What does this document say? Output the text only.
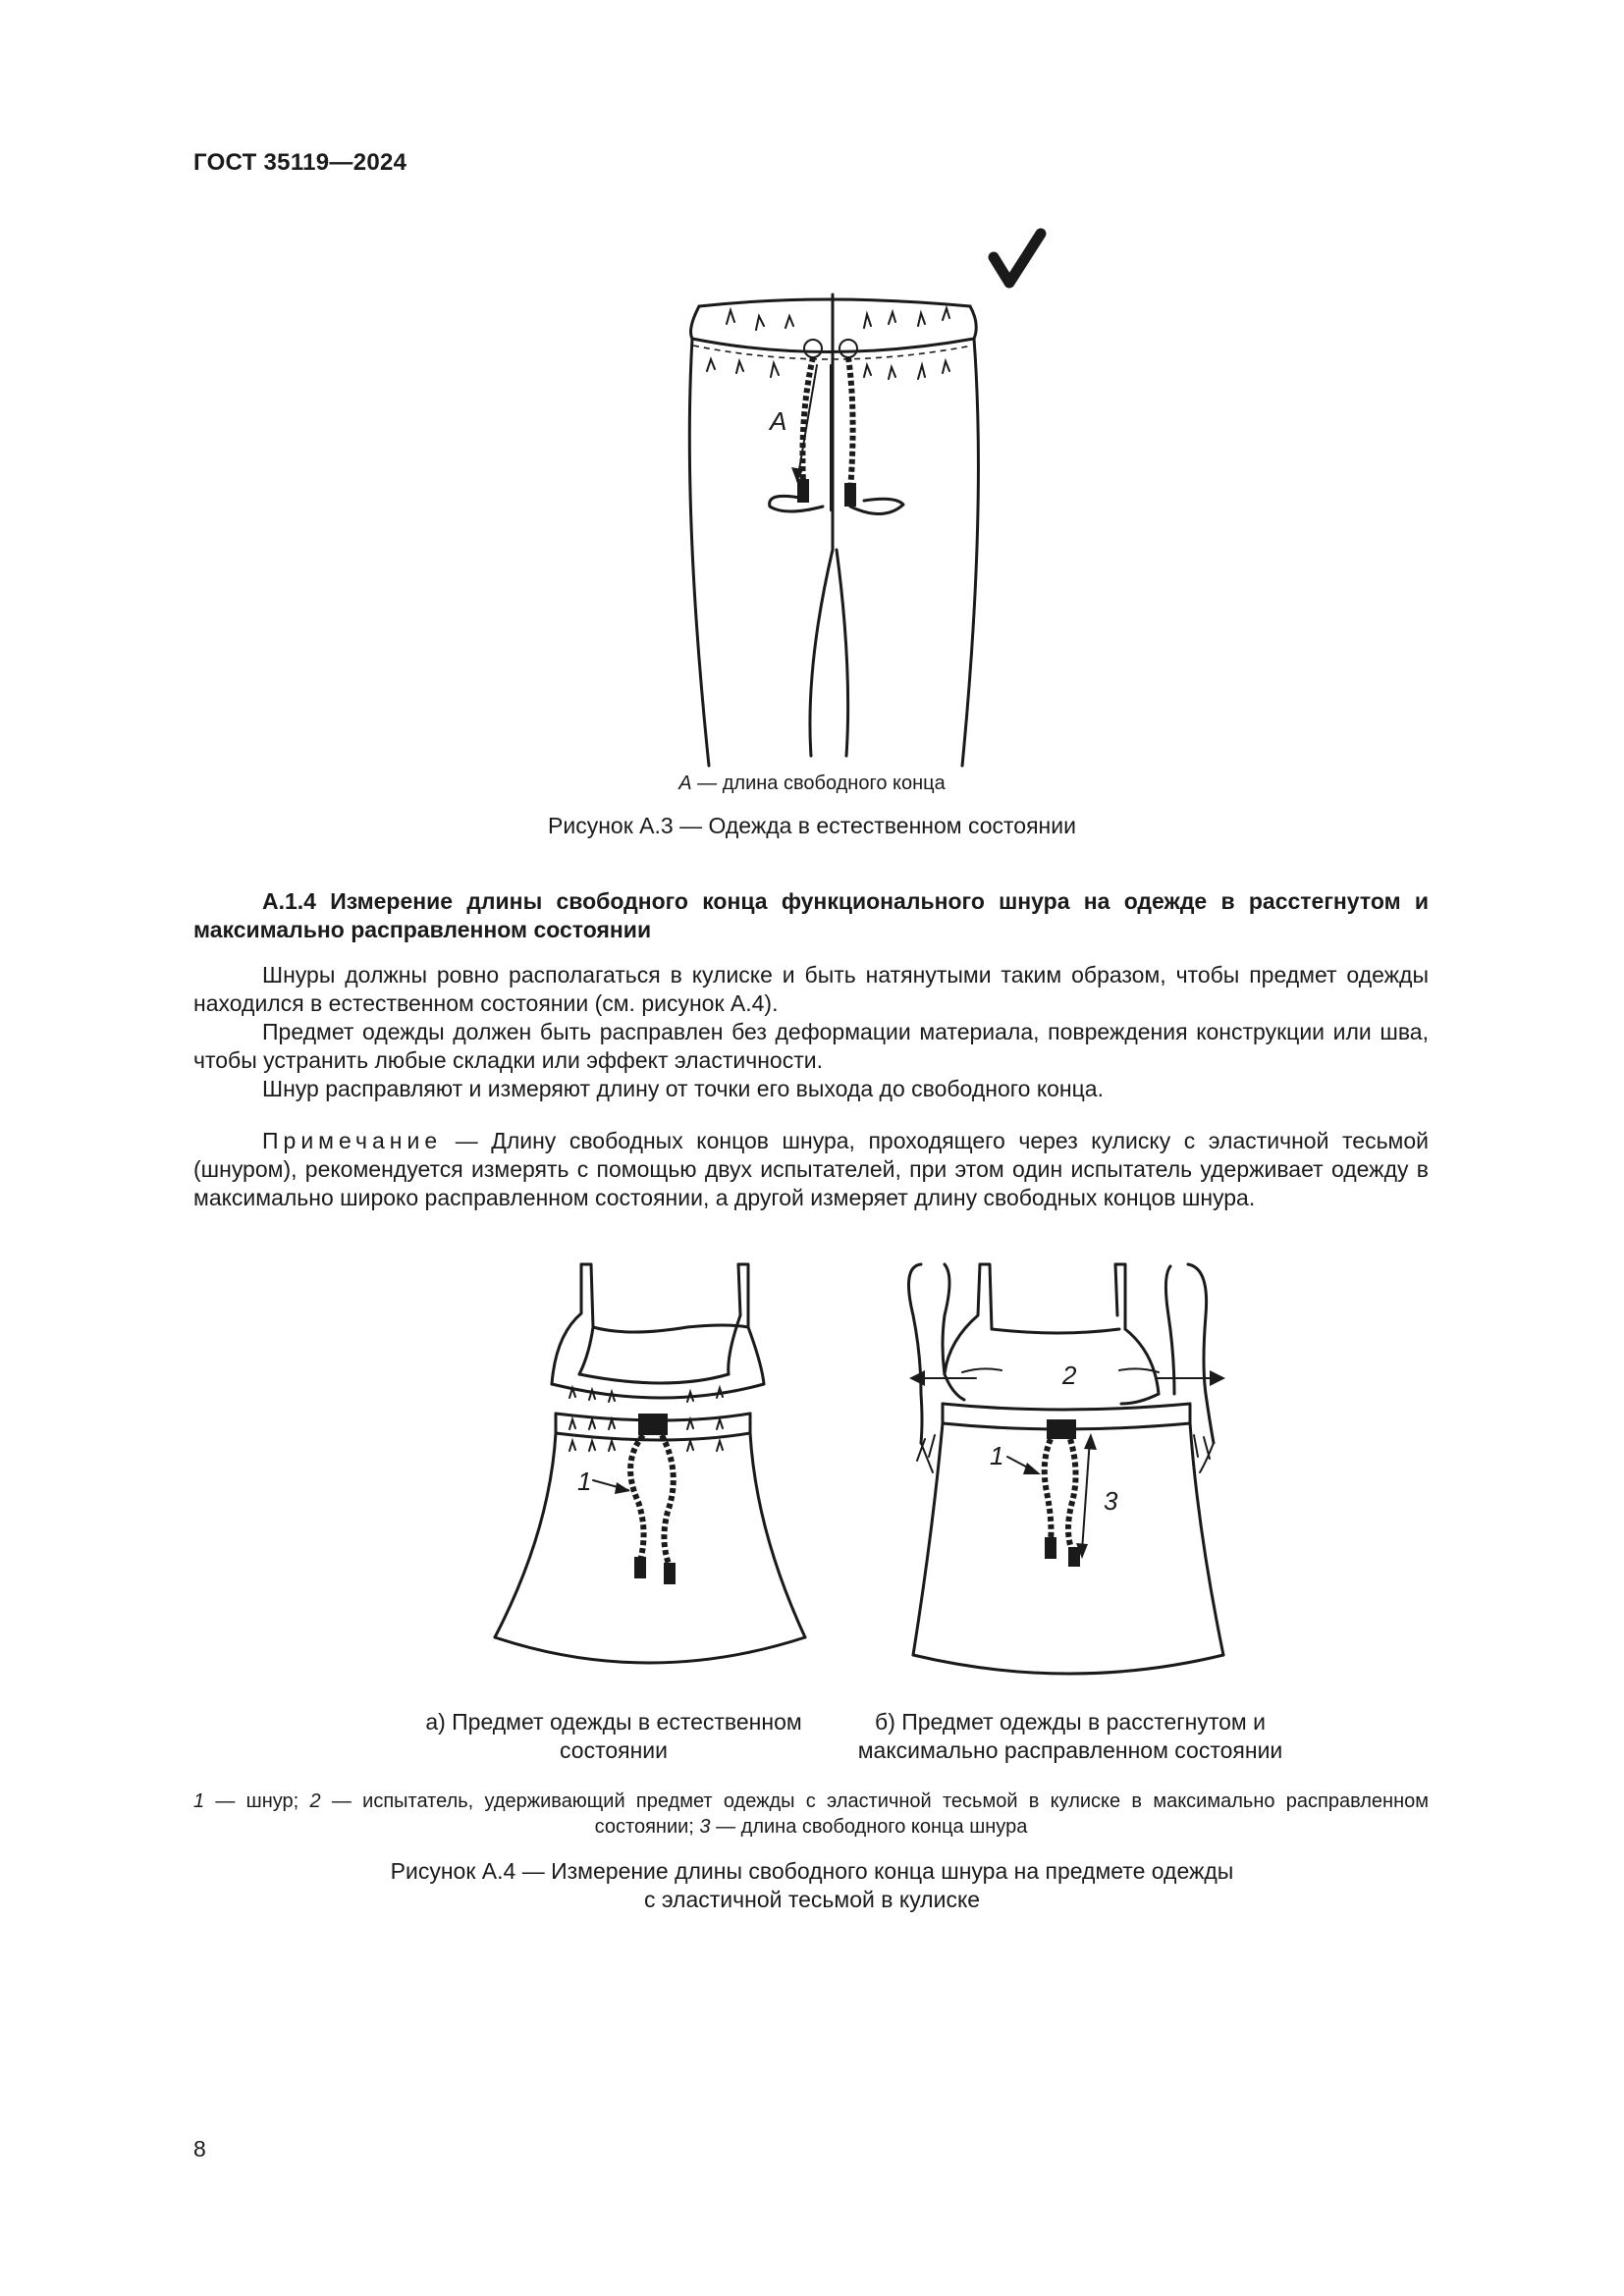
ГОСТ 35119—2024
A
A — длина свободного конца
Рисунок А.3 — Одежда в естественном состоянии
А.1.4 Измерение длины свободного конца функционального шнура на одежде в расстегнутом и максимально расправленном состоянии
Шнуры должны ровно располагаться в кулиске и быть натянутыми таким образом, чтобы предмет одежды находился в естественном состоянии (см. рисунок А.4).
Предмет одежды должен быть расправлен без деформации материала, повреждения конструкции или шва, чтобы устранить любые складки или эффект эластичности.
Шнур расправляют и измеряют длину от точки его выхода до свободного конца.
Примечание — Длину свободных концов шнура, проходящего через кулиску с эластичной тесьмой (шнуром), рекомендуется измерять с помощью двух испытателей, при этом один испытатель удерживает одежду в максимально широко расправленном состоянии, а другой измеряет длину свободных концов шнура.
1
2
1
3
а) Предмет одежды в естественном состоянии
б) Предмет одежды в расстегнутом и максимально расправленном состоянии
1 — шнур; 2 — испытатель, удерживающий предмет одежды с эластичной тесьмой в кулиске в максимально расправленном состоянии; 3 — длина свободного конца шнура
Рисунок А.4 — Измерение длины свободного конца шнура на предмете одежды
с эластичной тесьмой в кулиске
8
